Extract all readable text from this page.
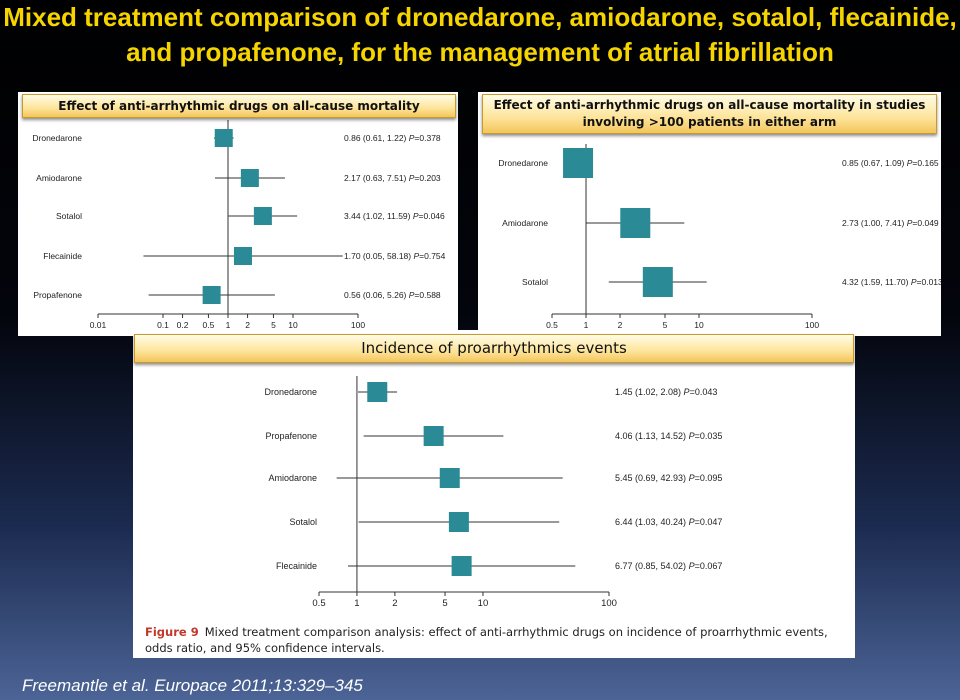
Mixed treatment comparison of dronedarone, amiodarone, sotalol, flecainide, and propafenone, for the management of atrial fibrillation
0.01	0.1 0.2 0.5 1 2 5 10	100
Dronedarone	0.86 (0.61, 1.22) P=0.378
Amiodarone	2.17 (0.63, 7.51) P=0.203
Sotalol	3.44 (1.02, 11.59) P=0.046
Flecainide	1.70 (0.05, 58.18) P=0.754
Propafenone	0.56 (0.06, 5.26) P=0.588
Effect of anti-arrhythmic drugs on all-cause mortality
0.5	1	2	5	10	100
Dronedarone	0.85 (0.67, 1.09) P=0.165
Amiodarone	2.73 (1.00, 7.41) P=0.049
Sotalol	4.32 (1.59, 11.70) P=0.013
Effect of anti-arrhythmic drugs on all-cause mortality in studies involving >100 patients in either arm
0.5	1	2	5	10	100
Dronedarone	1.45 (1.02, 2.08) P=0.043
Propafenone	4.06 (1.13, 14.52) P=0.035
Amiodarone	5.45 (0.69, 42.93) P=0.095
Sotalol	6.44 (1.03, 40.24) P=0.047
Flecainide	6.77 (0.85, 54.02) P=0.067
Incidence of proarrhythmics events
Figure 9 Mixed treatment comparison analysis: effect of anti-arrhythmic drugs on incidence of proarrhythmic events, odds ratio, and 95% confidence intervals.
Freemantle et al. Europace 2011;13:329–345
